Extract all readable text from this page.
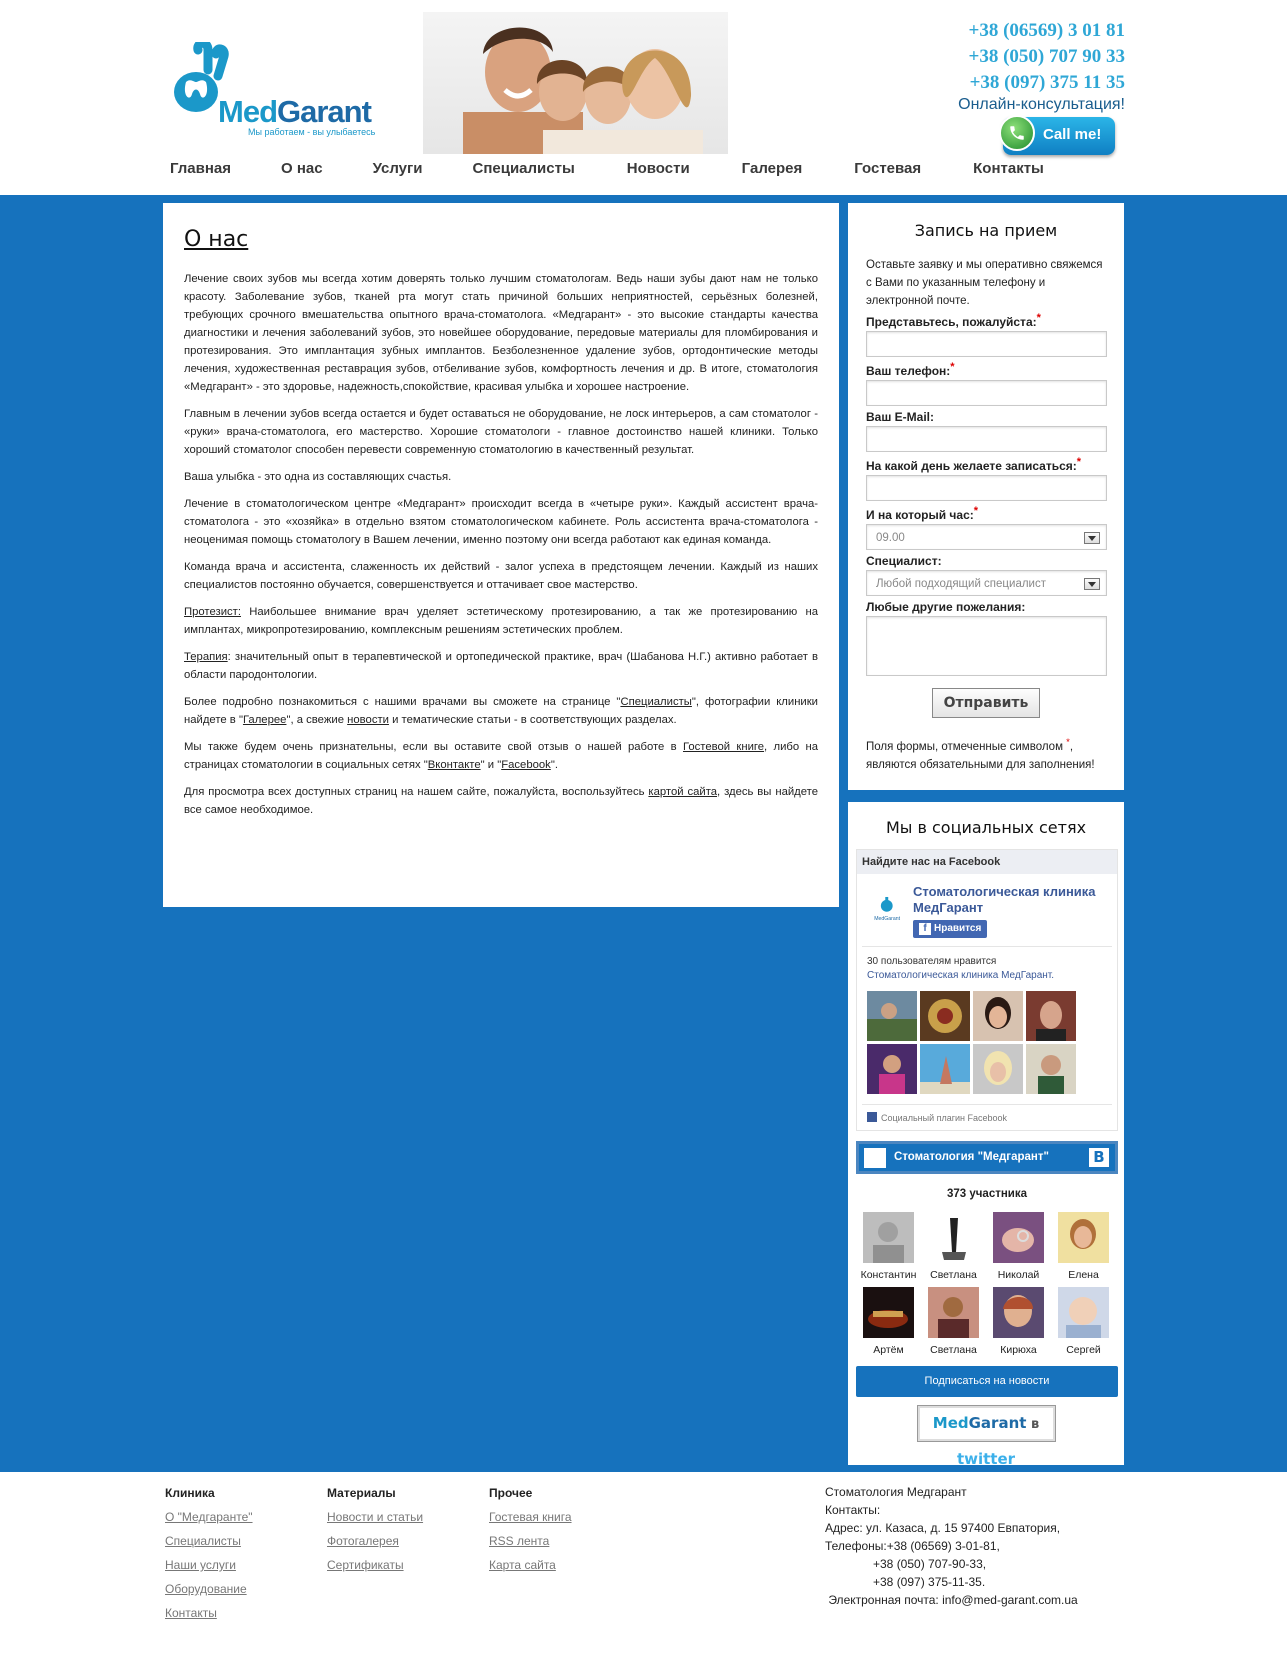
MedGarant
Мы работаем - вы улыбаетесь
+38 (06569) 3 01 81
+38 (050) 707 90 33
+38 (097) 375 11 35
Онлайн-консультация!
Call me!
Главная	О нас	Услуги	Специалисты	Новости	Галерея	Гостевая	Контакты
О нас

Лечение своих зубов мы всегда хотим доверять только лучшим стоматологам. Ведь наши зубы дают нам не только красоту. Заболевание зубов, тканей рта могут стать причиной больших неприятностей, серьёзных болезней, требующих срочного вмешательства опытного врача-стоматолога. «Медгарант» - это высокие стандарты качества диагностики и лечения заболеваний зубов, это новейшее оборудование, передовые материалы для пломбирования и протезирования. Это имплантация зубных имплантов. Безболезненное удаление зубов, ортодонтические методы лечения, художественная реставрация зубов, отбеливание зубов, комфортность лечения и др. В итоге, стоматология «Медгарант» - это здоровье, надежность,спокойствие, красивая улыбка и хорошее настроение.

Главным в лечении зубов всегда остается и будет оставаться не оборудование, не лоск интерьеров, а сам стоматолог - «руки» врача-стоматолога, его мастерство. Хорошие стоматологи - главное достоинство нашей клиники. Только хороший стоматолог способен перевести современную стоматологию в качественный результат.

Ваша улыбка - это одна из составляющих счастья.

Лечение в стоматологическом центре «Медгарант» происходит всегда в «четыре руки». Каждый ассистент врача-стоматолога - это «хозяйка» в отдельно взятом стоматологическом кабинете. Роль ассистента врача-стоматолога - неоценимая помощь стоматологу в Вашем лечении, именно поэтому они всегда работают как единая команда.

Команда врача и ассистента, слаженность их действий - залог успеха в предстоящем лечении. Каждый из наших специалистов постоянно обучается, совершенствуется и оттачивает свое мастерство.

Протезист: Наибольшее внимание врач уделяет эстетическому протезированию, а так же протезированию на имплантах, микропротезированию, комплексным решениям эстетических проблем.

Терапия: значительный опыт в терапевтической и ортопедической практике, врач (Шабанова Н.Г.) активно работает в области пародонтологии.

Более подробно познакомиться с нашими врачами вы сможете на странице "Специалисты", фотографии клиники найдете в "Галерее", а свежие новости и тематические статьи - в соответствующих разделах.

Мы также будем очень признательны, если вы оставите свой отзыв о нашей работе в Гостевой книге, либо на страницах стоматологии в социальных сетях "Вконтакте" и "Facebook".

Для просмотра всех доступных страниц на нашем сайте, пожалуйста, воспользуйтесь картой сайта, здесь вы найдете все самое необходимое.

Запись на прием
Оставьте заявку и мы оперативно свяжемся с Вами по указанным телефону и электронной почте.
Представьтесь, пожалуйста:*
Ваш телефон:*
Ваш E-Mail:
На какой день желаете записаться:*
И на который час:*
09.00
Специалист:
Любой подходящий специалист
Любые другие пожелания:
Отправить
Поля формы, отмеченные символом *, являются обязательными для заполнения!
Мы в социальных сетях
Найдите нас на Facebook
MedGarant
Стоматологическая клиника МедГарант
f Нравится
30 пользователям нравится
Стоматологическая клиника МедГарант.
Социальный плагин Facebook
Стоматология "Медгарант"	B
373 участника
Константин	Светлана	Николай	Елена
Артём	Светлана	Кирюха	Сергей
Подписаться на новости
MedGarant в twitter
Клиника
О "Медгаранте"
Специалисты
Наши услуги
Оборудование
Контакты
Материалы
Новости и статьи
Фотогалерея
Сертификаты
Прочее
Гостевая книга
RSS лента
Карта сайта
Стоматология Медгарант
Контакты:
Адрес: ул. Казаса, д. 15 97400 Евпатория,
Телефоны:+38 (06569) 3-01-81,
+38 (050) 707-90-33,
+38 (097) 375-11-35.
Электронная почта: info@med-garant.com.ua
